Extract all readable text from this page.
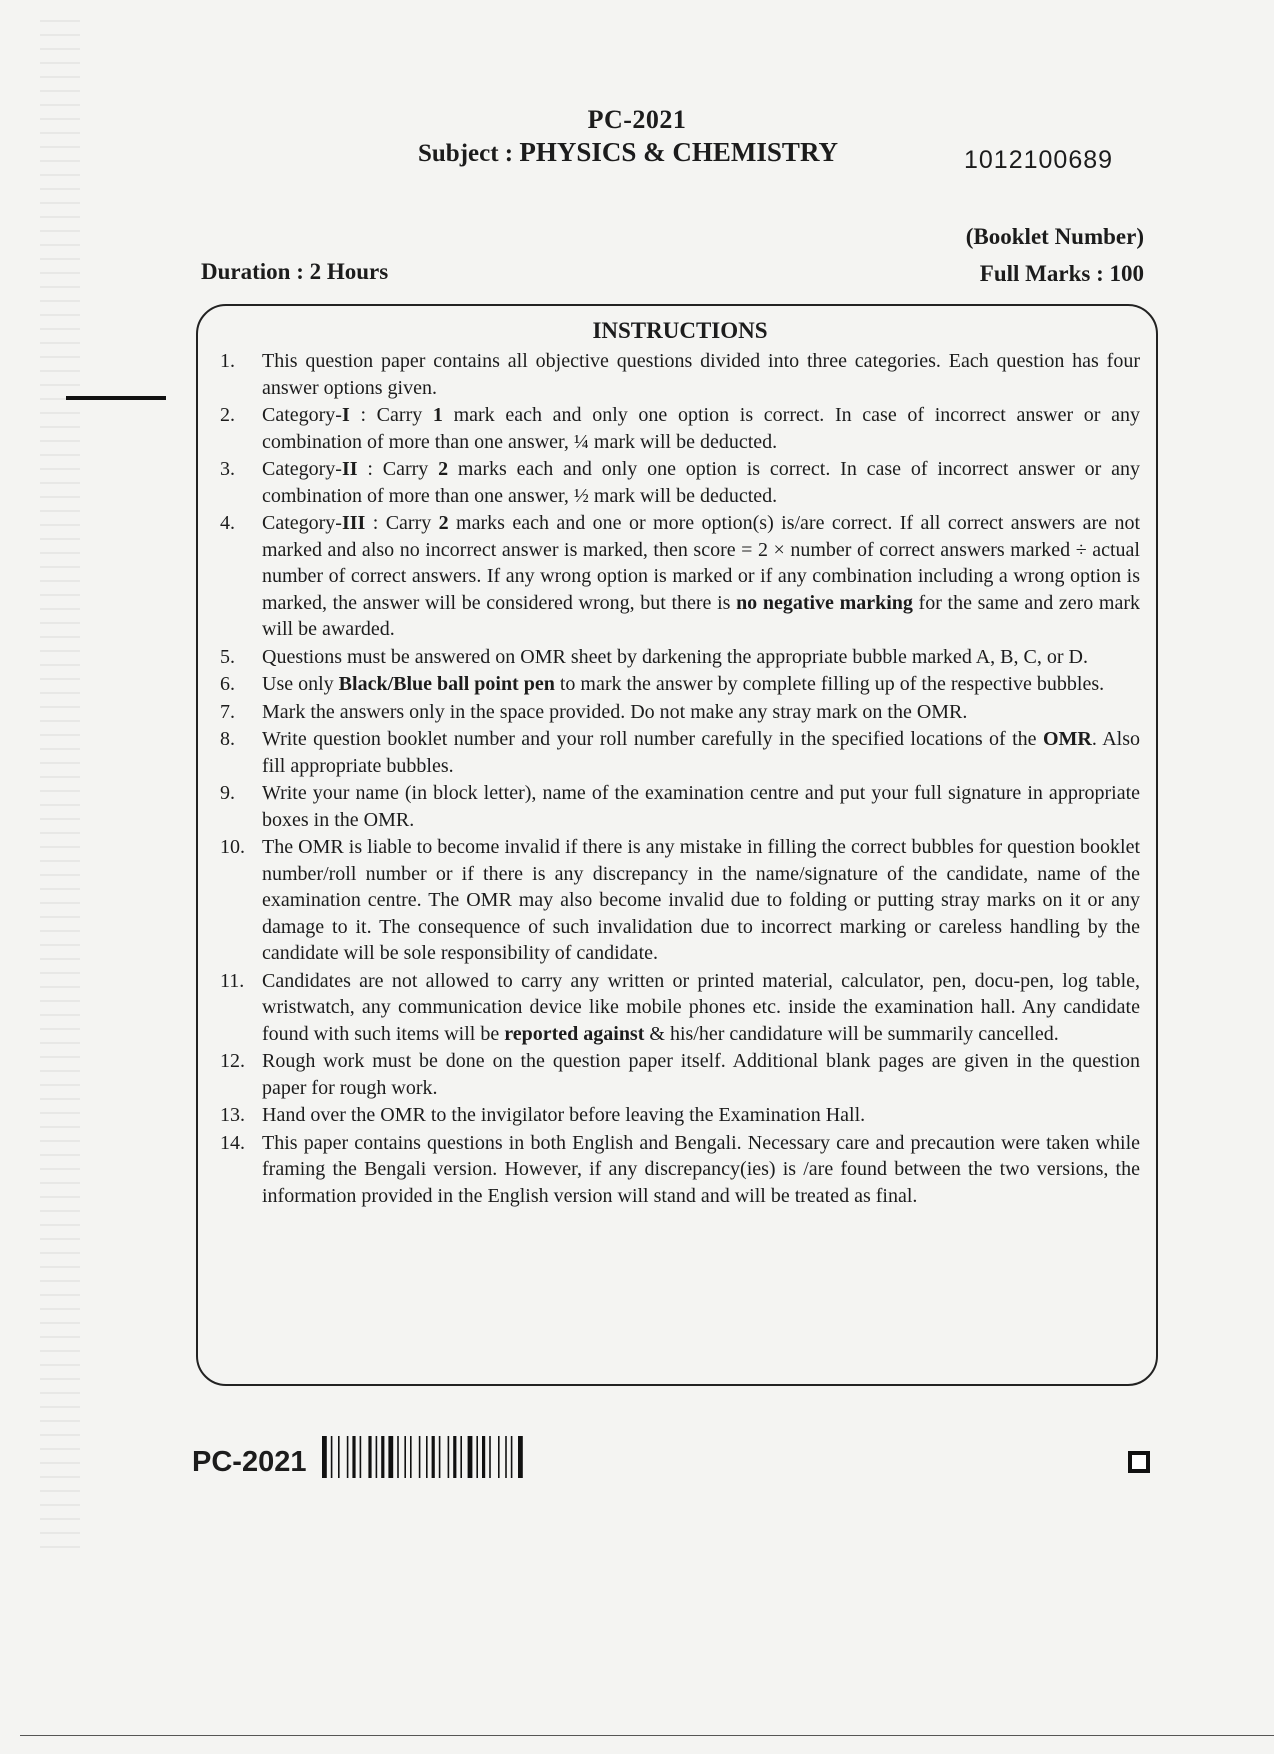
PC-2021
Subject : PHYSICS & CHEMISTRY	1012100689
(Booklet Number)
Duration : 2 Hours	Full Marks : 100
INSTRUCTIONS
1.	This question paper contains all objective questions divided into three categories. Each question has four answer options given.
2.	Category-I : Carry 1 mark each and only one option is correct. In case of incorrect answer or any combination of more than one answer, ¼ mark will be deducted.
3.	Category-II : Carry 2 marks each and only one option is correct. In case of incorrect answer or any combination of more than one answer, ½ mark will be deducted.
4.	Category-III : Carry 2 marks each and one or more option(s) is/are correct. If all correct answers are not marked and also no incorrect answer is marked, then score = 2 × number of correct answers marked ÷ actual number of correct answers. If any wrong option is marked or if any combination including a wrong option is marked, the answer will be considered wrong, but there is no negative marking for the same and zero mark will be awarded.
5.	Questions must be answered on OMR sheet by darkening the appropriate bubble marked A, B, C, or D.
6.	Use only Black/Blue ball point pen to mark the answer by complete filling up of the respective bubbles.
7.	Mark the answers only in the space provided. Do not make any stray mark on the OMR.
8.	Write question booklet number and your roll number carefully in the specified locations of the OMR. Also fill appropriate bubbles.
9.	Write your name (in block letter), name of the examination centre and put your full signature in appropriate boxes in the OMR.
10. The OMR is liable to become invalid if there is any mistake in filling the correct bubbles for question booklet number/roll number or if there is any discrepancy in the name/signature of the candidate, name of the examination centre. The OMR may also become invalid due to folding or putting stray marks on it or any damage to it. The consequence of such invalidation due to incorrect marking or careless handling by the candidate will be sole responsibility of candidate.
11. Candidates are not allowed to carry any written or printed material, calculator, pen, docu-pen, log table, wristwatch, any communication device like mobile phones etc. inside the examination hall. Any candidate found with such items will be reported against & his/her candidature will be summarily cancelled.
12. Rough work must be done on the question paper itself. Additional blank pages are given in the question paper for rough work.
13. Hand over the OMR to the invigilator before leaving the Examination Hall.
14. This paper contains questions in both English and Bengali. Necessary care and precaution were taken while framing the Bengali version. However, if any discrepancy(ies) is /are found between the two versions, the information provided in the English version will stand and will be treated as final.
PC-2021
